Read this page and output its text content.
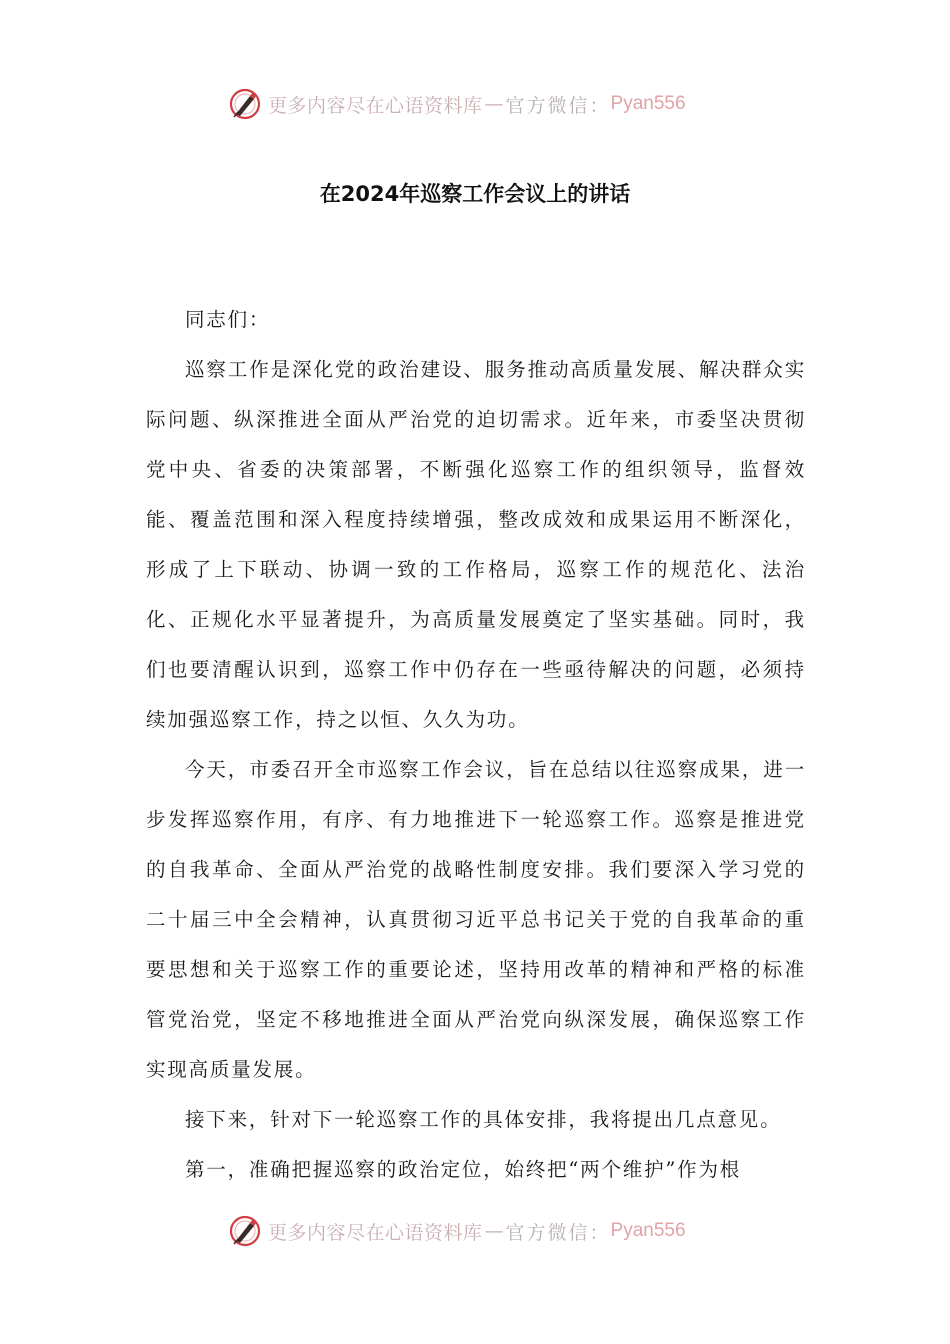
更多内容尽在心语资料库 — 官方微信： Pyan556
在2024年巡察工作会议上的讲话

同志们：

巡察工作是深化党的政治建设、服务推动高质量发展、解决群众实际问题、纵深推进全面从严治党的迫切需求。近年来，市委坚决贯彻党中央、省委的决策部署，不断强化巡察工作的组织领导，监督效能、覆盖范围和深入程度持续增强，整改成效和成果运用不断深化，形成了上下联动、协调一致的工作格局，巡察工作的规范化、法治化、正规化水平显著提升，为高质量发展奠定了坚实基础。同时，我们也要清醒认识到，巡察工作中仍存在一些亟待解决的问题，必须持续加强巡察工作，持之以恒、久久为功。

今天，市委召开全市巡察工作会议，旨在总结以往巡察成果，进一步发挥巡察作用，有序、有力地推进下一轮巡察工作。巡察是推进党的自我革命、全面从严治党的战略性制度安排。我们要深入学习党的二十届三中全会精神，认真贯彻习近平总书记关于党的自我革命的重要思想和关于巡察工作的重要论述，坚持用改革的精神和严格的标准管党治党，坚定不移地推进全面从严治党向纵深发展，确保巡察工作实现高质量发展。

接下来，针对下一轮巡察工作的具体安排，我将提出几点意见。

第一，准确把握巡察的政治定位，始终把“两个维护”作为根

更多内容尽在心语资料库 — 官方微信： Pyan556
